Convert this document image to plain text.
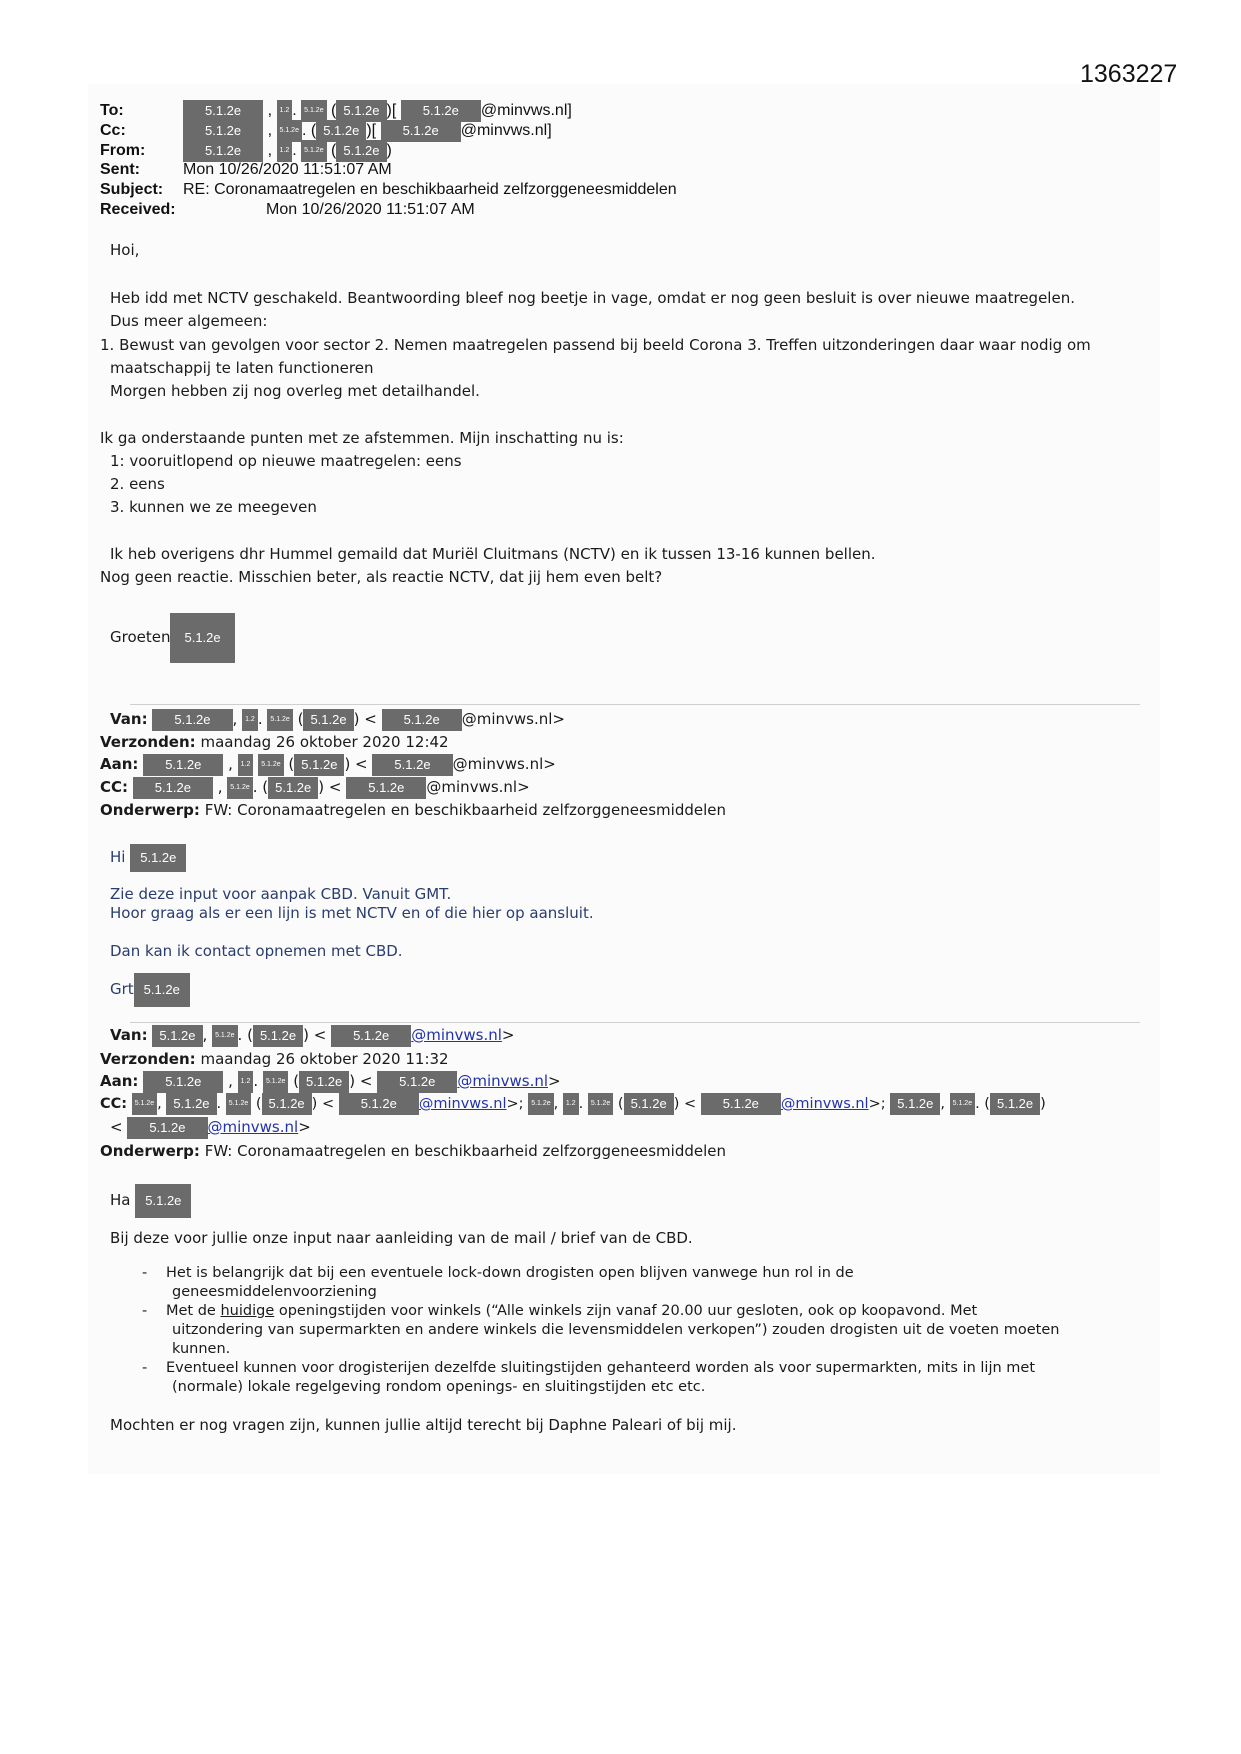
1363227
To:	5.1.2e , 1.2 . 5.1.2e ( 5.1.2e )[ 5.1.2e @minvws.nl]
Cc:	5.1.2e , 5.1.2e . ( 5.1.2e )[ 5.1.2e @minvws.nl]
From:	5.1.2e , 1.2 . 5.1.2e ( 5.1.2e )
Sent:	Mon 10/26/2020 11:51:07 AM
Subject: RE: Coronamaatregelen en beschikbaarheid zelfzorggeneesmiddelen
Received:	Mon 10/26/2020 11:51:07 AM
Hoi,
Heb idd met NCTV geschakeld. Beantwoording bleef nog beetje in vage, omdat er nog geen besluit is over nieuwe maatregelen.
Dus meer algemeen:
1. Bewust van gevolgen voor sector 2. Nemen maatregelen passend bij beeld Corona 3. Treffen uitzonderingen daar waar nodig om
maatschappij te laten functioneren
Morgen hebben zij nog overleg met detailhandel.
Ik ga onderstaande punten met ze afstemmen. Mijn inschatting nu is:
1: vooruitlopend op nieuwe maatregelen: eens
2. eens
3. kunnen we ze meegeven
Ik heb overigens dhr Hummel gemaild dat Muriël Cluitmans (NCTV) en ik tussen 13-16 kunnen bellen.
Nog geen reactie. Misschien beter, als reactie NCTV, dat jij hem even belt?
Groeten 5.1.2e
Van: 5.1.2e , 1.2 . 5.1.2e ( 5.1.2e ) < 5.1.2e @minvws.nl>
Verzonden: maandag 26 oktober 2020 12:42
Aan: 5.1.2e , 1.2 5.1.2e ( 5.1.2e ) < 5.1.2e @minvws.nl>
CC: 5.1.2e , 5.1.2e . ( 5.1.2e ) < 5.1.2e @minvws.nl>
Onderwerp: FW: Coronamaatregelen en beschikbaarheid zelfzorggeneesmiddelen
Hi 5.1.2e
Zie deze input voor aanpak CBD. Vanuit GMT.
Hoor graag als er een lijn is met NCTV en of die hier op aansluit.
Dan kan ik contact opnemen met CBD.
Grt 5.1.2e
Van: 5.1.2e , 5.1.2e . ( 5.1.2e ) < 5.1.2e @minvws.nl>
Verzonden: maandag 26 oktober 2020 11:32
Aan: 5.1.2e , 1.2 . 5.1.2e ( 5.1.2e ) < 5.1.2e @minvws.nl>
CC: 5.1.2e , 5.1.2e . 5.1.2e ( 5.1.2e ) < 5.1.2e @minvws.nl>; 5.1.2e , 1.2 . 5.1.2e ( 5.1.2e ) < 5.1.2e @minvws.nl>; 5.1.2e , 5.1.2e . ( 5.1.2e )
< 5.1.2e @minvws.nl>
Onderwerp: FW: Coronamaatregelen en beschikbaarheid zelfzorggeneesmiddelen
Ha 5.1.2e
Bij deze voor jullie onze input naar aanleiding van de mail / brief van de CBD.
- Het is belangrijk dat bij een eventuele lock-down drogisten open blijven vanwege hun rol in de
geneesmiddelenvoorziening
- Met de huidige openingstijden voor winkels (“Alle winkels zijn vanaf 20.00 uur gesloten, ook op koopavond. Met
uitzondering van supermarkten en andere winkels die levensmiddelen verkopen”) zouden drogisten uit de voeten moeten
kunnen.
- Eventueel kunnen voor drogisterijen dezelfde sluitingstijden gehanteerd worden als voor supermarkten, mits in lijn met
(normale) lokale regelgeving rondom openings- en sluitingstijden etc etc.
Mochten er nog vragen zijn, kunnen jullie altijd terecht bij Daphne Paleari of bij mij.
